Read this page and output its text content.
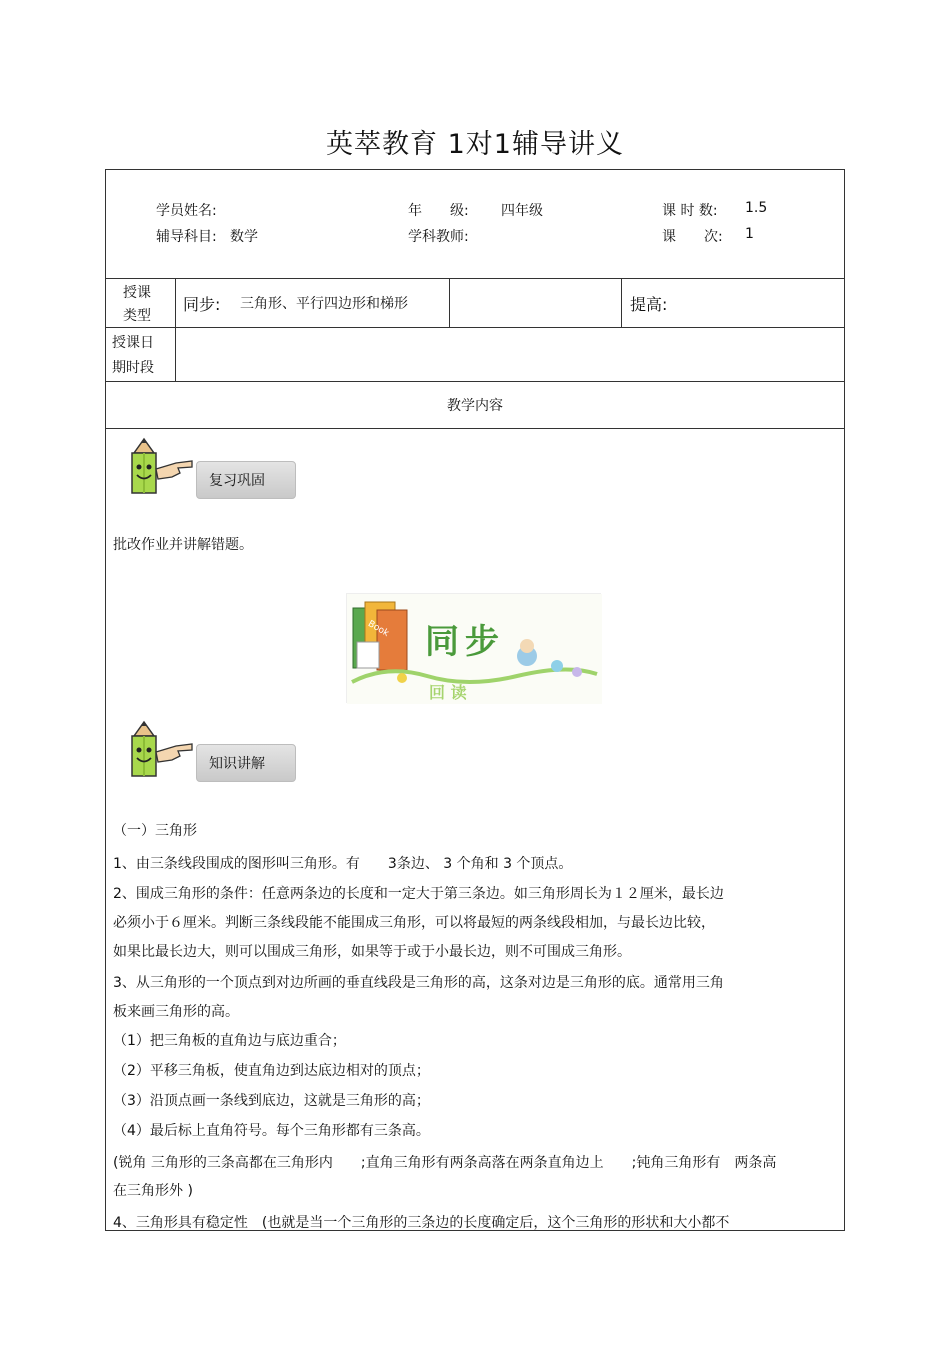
英萃教育 1对1辅导讲义
学员姓名:	年　　级: 四年级	课 时 数: 1.5
辅导科目: 数学	学科教师:	课　　次: 1
授课
类型
同步: 三角形、平行四边形和梯形	提高:
授课日
期时段
教学内容
复习巩固
批改作业并讲解错题。
Book 同步
回 读
知识讲解
（一）三角形
1、由三条线段围成的图形叫三角形。有　　3条边、 3 个角和 3 个顶点。
2、围成三角形的条件：任意两条边的长度和一定大于第三条边。如三角形周长为１２厘米，最长边
必须小于６厘米。判断三条线段能不能围成三角形，可以将最短的两条线段相加，与最长边比较，
如果比最长边大，则可以围成三角形，如果等于或于小最长边，则不可围成三角形。
3、从三角形的一个顶点到对边所画的垂直线段是三角形的高，这条对边是三角形的底。通常用三角
板来画三角形的高。
（1）把三角板的直角边与底边重合；
（2）平移三角板，使直角边到达底边相对的顶点；
（3）沿顶点画一条线到底边，这就是三角形的高；
（4）最后标上直角符号。每个三角形都有三条高。
(锐角 三角形的三条高都在三角形内　　;直角三角形有两条高落在两条直角边上　　;钝角三角形有　两条高
在三角形外 )
4、三角形具有稳定性　(也就是当一个三角形的三条边的长度确定后，这个三角形的形状和大小都不
